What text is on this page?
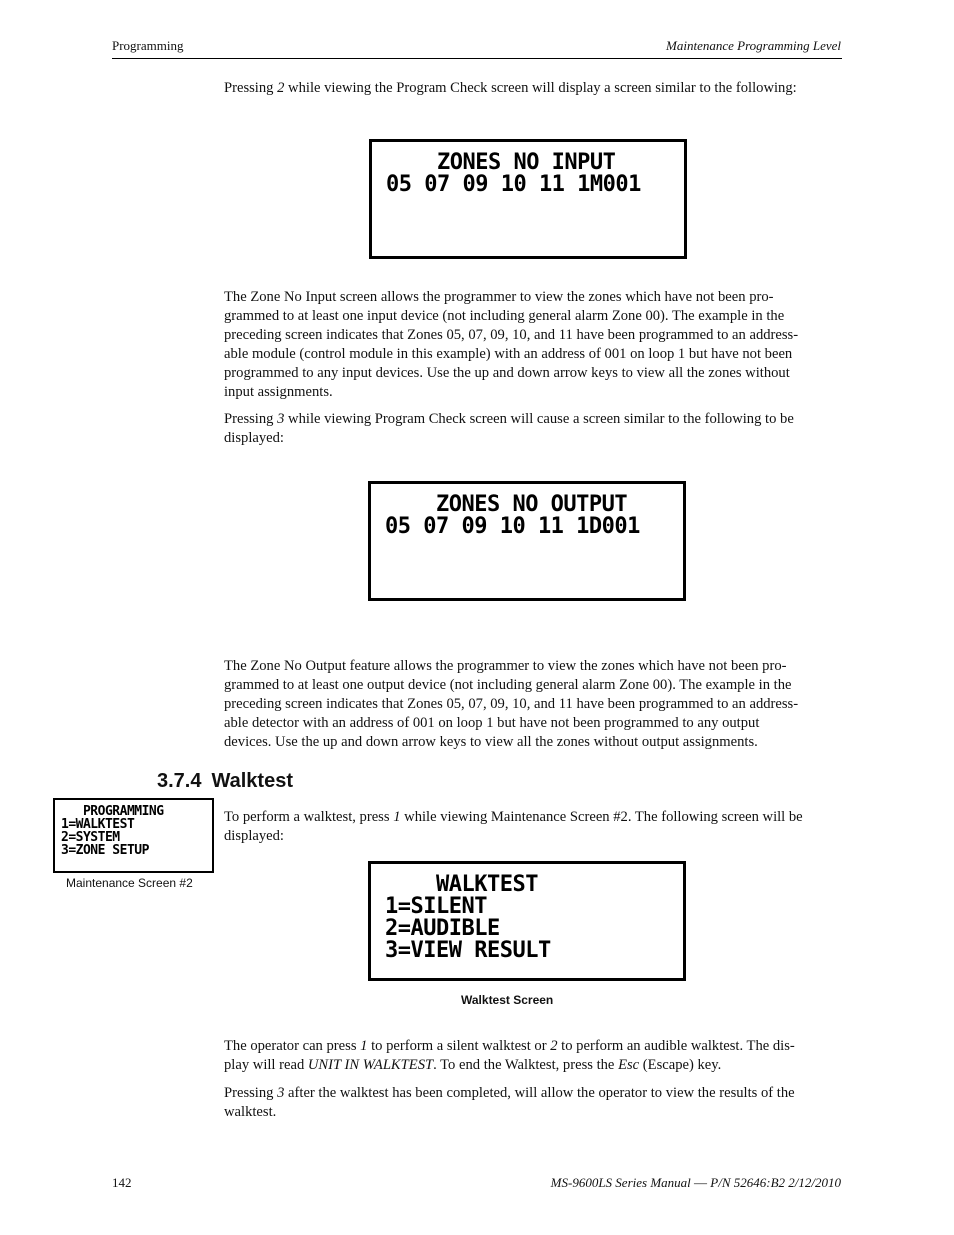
Programming	Maintenance Programming Level

Pressing 2 while viewing the Program Check screen will display a screen similar to the following:

ZONES NO INPUT
05 07 09 10 11 1M001
The Zone No Input screen allows the programmer to view the zones which have not been pro-
grammed to at least one input device (not including general alarm Zone 00). The example in the
preceding screen indicates that Zones 05, 07, 09, 10, and 11 have been programmed to an address-
able module (control module in this example) with an address of 001 on loop 1 but have not been
programmed to any input devices. Use the up and down arrow keys to view all the zones without
input assignments.
Pressing 3 while viewing Program Check screen will cause a screen similar to the following to be
displayed:
ZONES NO OUTPUT
05 07 09 10 11 1D001
The Zone No Output feature allows the programmer to view the zones which have not been pro-
grammed to at least one output device (not including general alarm Zone 00). The example in the
preceding screen indicates that Zones 05, 07, 09, 10, and 11 have been programmed to an address-
able detector with an address of 001 on loop 1 but have not been programmed to any output
devices. Use the up and down arrow keys to view all the zones without output assignments.
3.7.4 Walktest
PROGRAMMING
1=WALKTEST
2=SYSTEM
3=ZONE SETUP
Maintenance Screen #2
To perform a walktest, press 1 while viewing Maintenance Screen #2. The following screen will be
displayed:
WALKTEST
1=SILENT
2=AUDIBLE
3=VIEW RESULT
Walktest Screen
The operator can press 1 to perform a silent walktest or 2 to perform an audible walktest. The dis-
play will read UNIT IN WALKTEST. To end the Walktest, press the Esc (Escape) key.
Pressing 3 after the walktest has been completed, will allow the operator to view the results of the
walktest.
142	MS-9600LS Series Manual — P/N 52646:B2 2/12/2010
